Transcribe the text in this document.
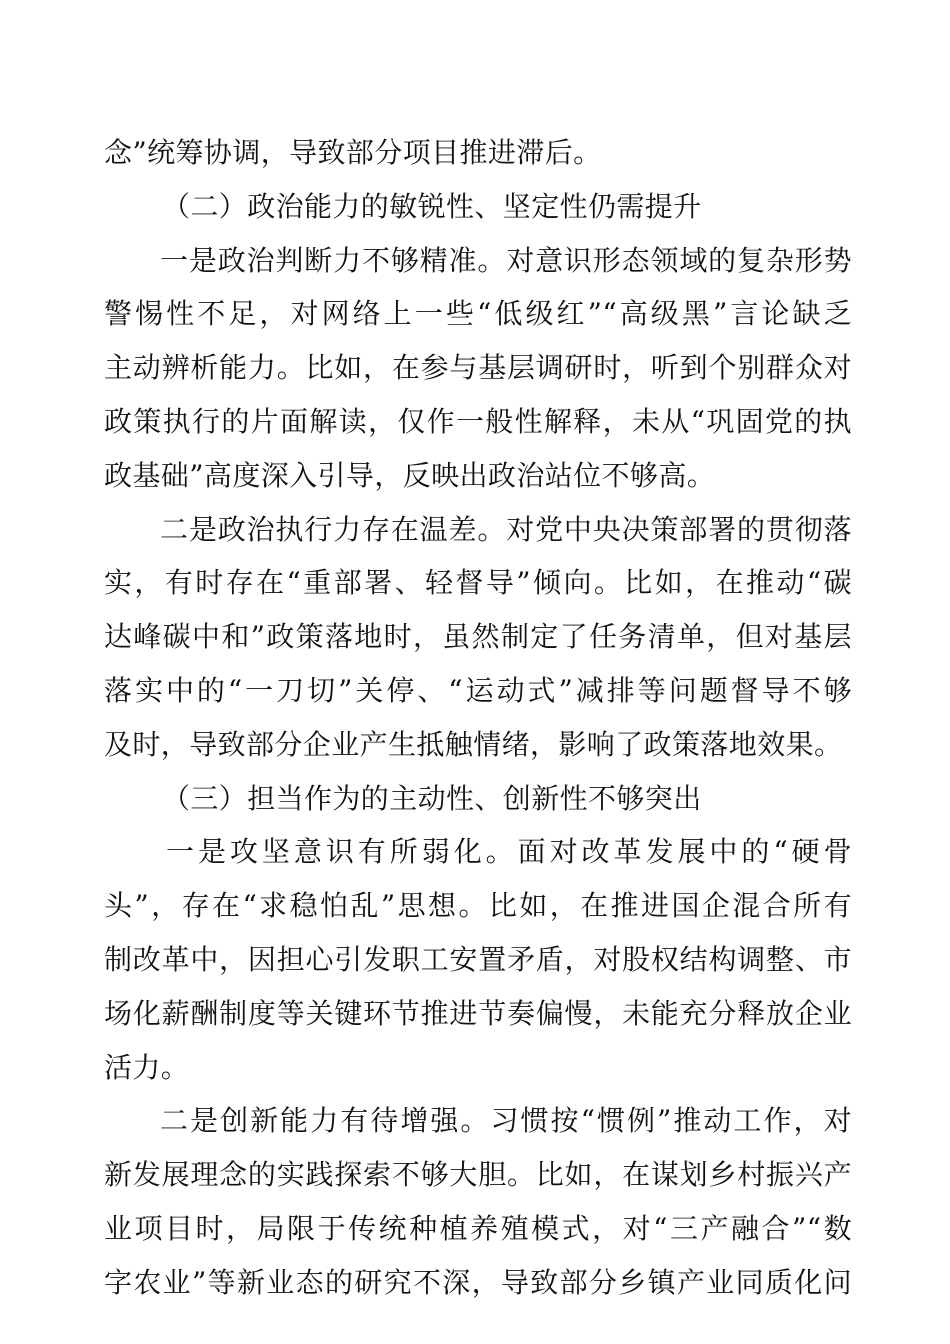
念”统筹协调，导致部分项目推进滞后。
（二）政治能力的敏锐性、坚定性仍需提升
一是政治判断力不够精准。对意识形态领域的复杂形势
警惕性不足，对网络上一些“低级红”“高级黑”言论缺乏
主动辨析能力。比如，在参与基层调研时，听到个别群众对
政策执行的片面解读，仅作一般性解释，未从“巩固党的执
政基础”高度深入引导，反映出政治站位不够高。
二是政治执行力存在温差。对党中央决策部署的贯彻落
实，有时存在“重部署、轻督导”倾向。比如，在推动“碳
达峰碳中和”政策落地时，虽然制定了任务清单，但对基层
落实中的“一刀切”关停、“运动式”减排等问题督导不够
及时，导致部分企业产生抵触情绪，影响了政策落地效果。
（三）担当作为的主动性、创新性不够突出
一是攻坚意识有所弱化。面对改革发展中的“硬骨
头”，存在“求稳怕乱”思想。比如，在推进国企混合所有
制改革中，因担心引发职工安置矛盾，对股权结构调整、市
场化薪酬制度等关键环节推进节奏偏慢，未能充分释放企业
活力。
二是创新能力有待增强。习惯按“惯例”推动工作，对
新发展理念的实践探索不够大胆。比如，在谋划乡村振兴产
业项目时，局限于传统种植养殖模式，对“三产融合”“数
字农业”等新业态的研究不深，导致部分乡镇产业同质化问
